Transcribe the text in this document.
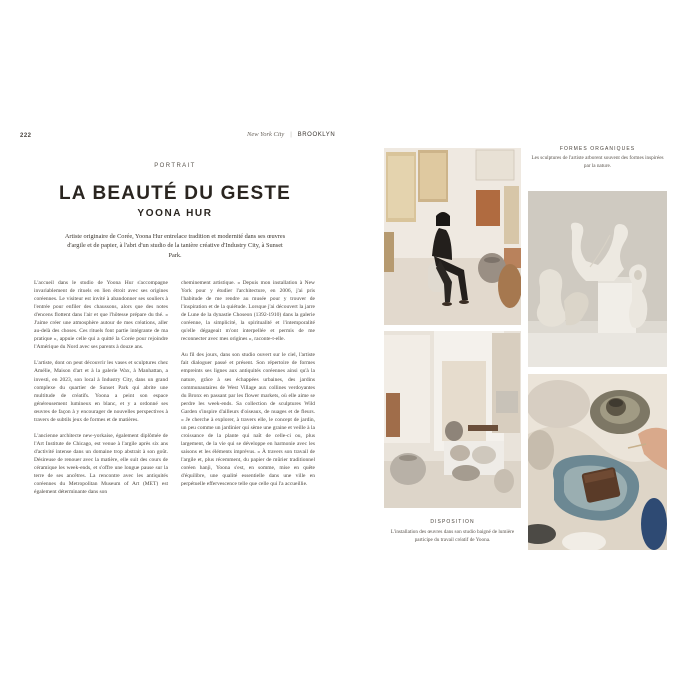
222	New York City | BROOKLYN
PORTRAIT
LA BEAUTÉ DU GESTE
YOONA HUR
Artiste originaire de Corée, Yoona Hur entrelace tradition et modernité dans ses œuvres d'argile et de papier, à l'abri d'un studio de la tanière créative d'Industry City, à Sunset Park.

L'accueil dans le studio de Yoona Hur s'accompagne invariablement de rituels en lien étroit avec ses origines coréennes. Le visiteur est invité à abandonner ses souliers à l'entrée pour enfiler des chaussons, alors que des notes d'encens flottent dans l'air et que l'hôtesse prépare du thé. « J'aime créer une atmosphère autour de mes créations, aller au-delà des choses. Ces rituels font partie intégrante de ma pratique », appuie celle qui a quitté la Corée pour rejoindre l'Amérique du Nord avec ses parents à douze ans.

L'artiste, dont on peut découvrir les vases et sculptures chez Amélie, Maison d'art et à la galerie Wax, à Manhattan, a investi, en 2023, son local à Industry City, dans un grand complexe du quartier de Sunset Park qui abrite une multitude de créatifs. Yoona a peint son espace généreusement lumineux en blanc, et y a ordonné ses œuvres de façon à y encourager de nouvelles perspectives à travers de subtils jeux de formes et de matières.

L'ancienne architecte new-yorkaise, également diplômée de l'Art Institute de Chicago, est venue à l'argile après six ans d'activité intense dans un domaine trop abstrait à son goût. Désireuse de renouer avec la matière, elle suit des cours de céramique les week-ends, et s'offre une longue pause sur la terre de ses ancêtres. La rencontre avec les antiquités coréennes du Metropolitan Museum of Art (MET) est également déterminante dans son

cheminement artistique. « Depuis mon installation à New York pour y étudier l'architecture, en 2006, j'ai pris l'habitude de me rendre au musée pour y trouver de l'inspiration et de la quiétude. Lorsque j'ai découvert la jarre de Lune de la dynastie Choseon (1392-1910) dans la galerie coréenne, la simplicité, la spiritualité et l'intemporalité qu'elle dégageait m'ont interpellée et permis de me reconnecter avec mes origines », raconte-t-elle.

Au fil des jours, dans son studio ouvert sur le ciel, l'artiste fait dialoguer passé et présent. Son répertoire de formes empreints ses lignes aux antiquités coréennes ainsi qu'à la nature, grâce à ses échappées urbaines, des jardins communautaires de West Village aux collines verdoyantes du Bronx en passant par les flower markets, où elle aime se perdre les week-ends. Sa collection de sculptures Wild Garden s'inspire d'ailleurs d'oiseaux, de nuages et de fleurs. « Je cherche à explorer, à travers elle, le concept de jardin, un peu comme un jardinier qui sème une graine et veille à la croissance de la plante qui naît de celle-ci ou, plus largement, de la vie qui se développe en harmonie avec les saisons et les éléments imprévus. » À travers son travail de l'argile et, plus récemment, du papier de mûrier traditionnel coréen hanji, Yoona s'est, en somme, mise en quête d'équilibre, une qualité essentielle dans une ville en perpétuelle effervescence telle que celle qui l'a accueillie.

FORMES ORGANIQUES
Les sculptures de l'artiste arborent souvent des formes inspirées par la nature.
DISPOSITION
L'installation des œuvres dans son studio baigné de lumière participe du travail créatif de Yoona.
